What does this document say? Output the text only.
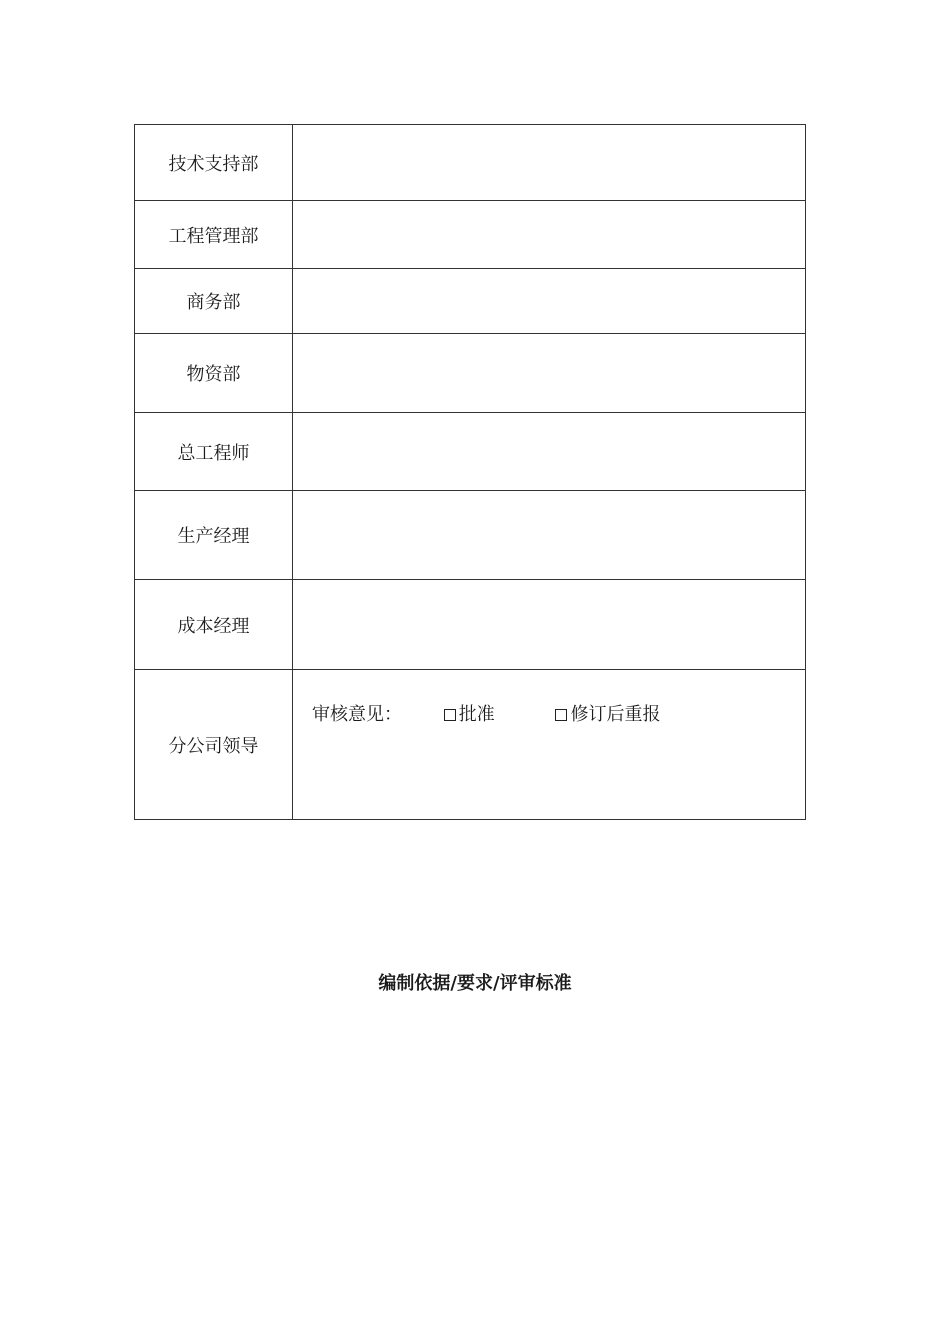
技术支持部	
工程管理部	
商务部	
物资部	
总工程师	
生产经理	
成本经理	
分公司领导	审核意见： 批准 修订后重报
编制依据/要求/评审标准
